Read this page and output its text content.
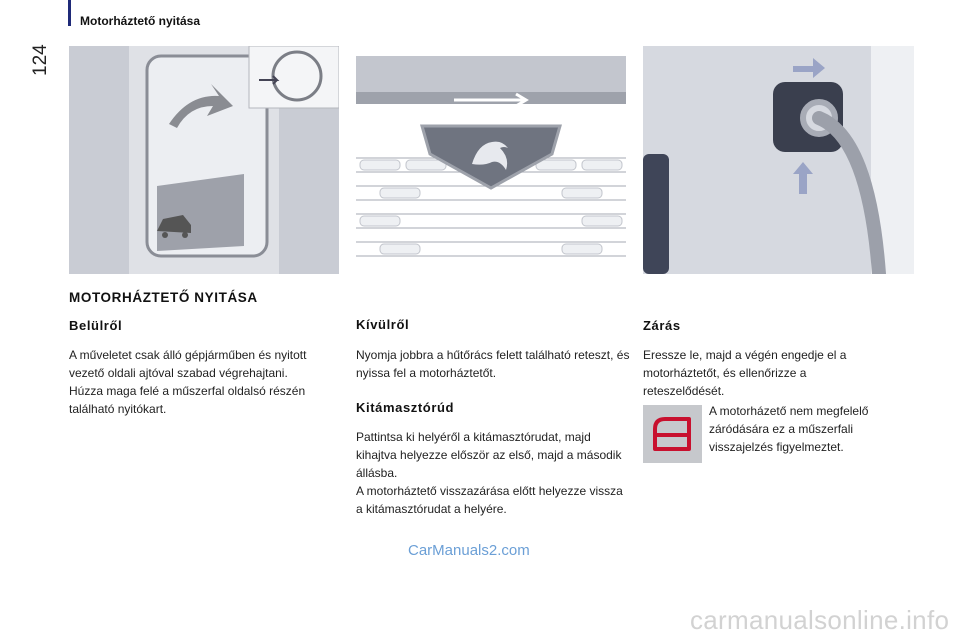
124
Motorháztető nyitása
MOTORHÁZTETŐ NYITÁSA
Belülről

A műveletet csak álló gépjárműben és nyitott vezető oldali ajtóval szabad végrehajtani.

Húzza maga felé a műszerfal oldalsó részén található nyitókart.

Kívülről

Nyomja jobbra a hűtőrács felett található reteszt, és nyissa fel a motorháztetőt.

Kitámasztórúd

Pattintsa ki helyéről a kitámasztórudat, majd kihajtva helyezze először az első, majd a második állásba.

A motorháztető visszazárása előtt helyezze vissza a kitámasztórudat a helyére.

Zárás

Eressze le, majd a végén engedje el a motorháztetőt, és ellenőrizze a reteszelődését.

A motorházető nem megfelelő záródására ez a műszerfali visszajelzés figyelmeztet.

CarManuals2.com
carmanualsonline.info
